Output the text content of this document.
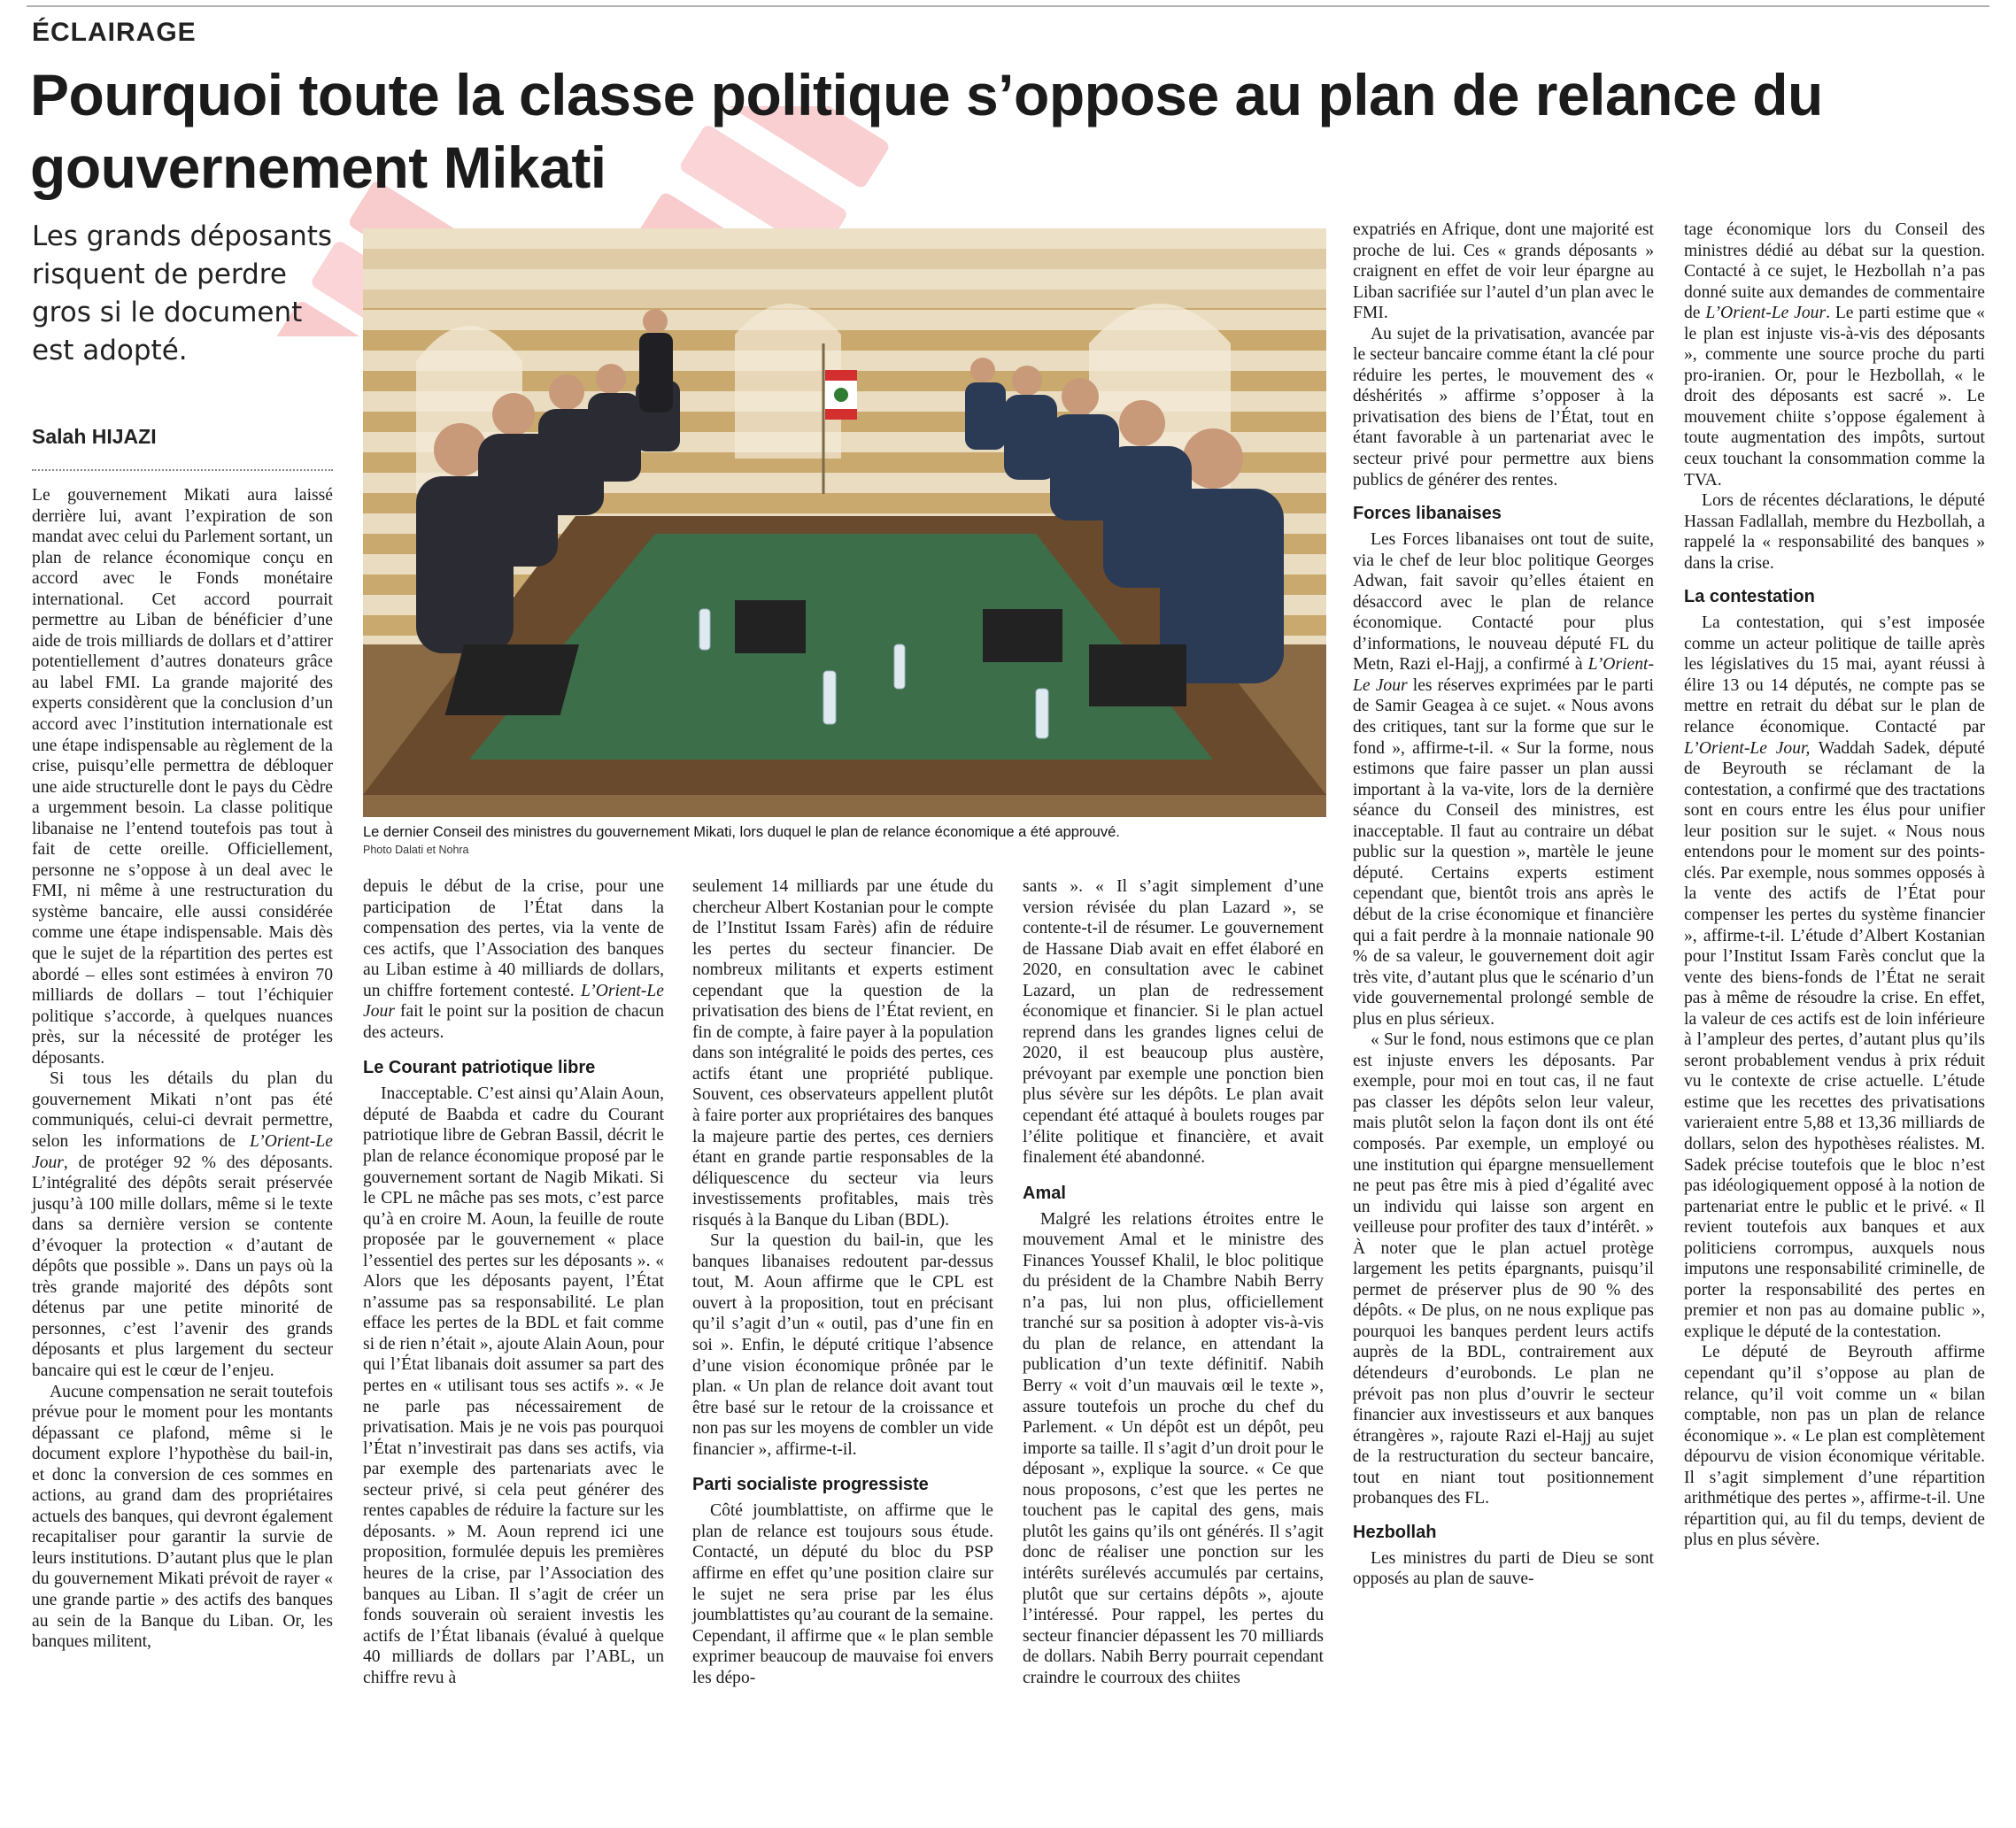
ÉCLAIRAGE
Pourquoi toute la classe politique s’oppose au plan de relance du gouvernement Mikati
Les grands déposants risquent de perdre gros si le document est adopté.
Salah HIJAZI
Le dernier Conseil des ministres du gouvernement Mikati, lors duquel le plan de relance économique a été approuvé.
Photo Dalati et Nohra

Le gouvernement Mikati aura laissé derrière lui, avant l’expiration de son mandat avec celui du Parlement sortant, un plan de relance économique conçu en accord avec le Fonds monétaire international. Cet accord pourrait permettre au Liban de bénéficier d’une aide de trois milliards de dollars et d’attirer potentiellement d’autres donateurs grâce au label FMI. La grande majorité des experts considèrent que la conclusion d’un accord avec l’institution internationale est une étape indispensable au règlement de la crise, puisqu’elle permettra de débloquer une aide structurelle dont le pays du Cèdre a urgemment besoin. La classe politique libanaise ne l’entend toutefois pas tout à fait de cette oreille. Officiellement, personne ne s’oppose à un deal avec le FMI, ni même à une restructuration du système bancaire, elle aussi considérée comme une étape indispensable. Mais dès que le sujet de la répartition des pertes est abordé – elles sont estimées à environ 70 milliards de dollars – tout l’échiquier politique s’accorde, à quelques nuances près, sur la nécessité de protéger les déposants.

Si tous les détails du plan du gouvernement Mikati n’ont pas été communiqués, celui-ci devrait permettre, selon les informations de L’Orient-Le Jour, de protéger 92 % des déposants. L’intégralité des dépôts serait préservée jusqu’à 100 mille dollars, même si le texte dans sa dernière version se contente d’évoquer la protection « d’autant de dépôts que possible ». Dans un pays où la très grande majorité des dépôts sont détenus par une petite minorité de personnes, c’est l’avenir des grands déposants et plus largement du secteur bancaire qui est le cœur de l’enjeu.

Aucune compensation ne serait toutefois prévue pour le moment pour les montants dépassant ce plafond, même si le document explore l’hypothèse du bail-in, et donc la conversion de ces sommes en actions, au grand dam des propriétaires actuels des banques, qui devront également recapitaliser pour garantir la survie de leurs institutions. D’autant plus que le plan du gouvernement Mikati prévoit de rayer « une grande partie » des actifs des banques au sein de la Banque du Liban. Or, les banques militent,

depuis le début de la crise, pour une participation de l’État dans la compensation des pertes, via la vente de ces actifs, que l’Association des banques au Liban estime à 40 milliards de dollars, un chiffre fortement contesté. L’Orient-Le Jour fait le point sur la position de chacun des acteurs.

Le Courant patriotique libre

Inacceptable. C’est ainsi qu’Alain Aoun, député de Baabda et cadre du Courant patriotique libre de Gebran Bassil, décrit le plan de relance économique proposé par le gouvernement sortant de Nagib Mikati. Si le CPL ne mâche pas ses mots, c’est parce qu’à en croire M. Aoun, la feuille de route proposée par le gouvernement « place l’essentiel des pertes sur les déposants ». « Alors que les déposants payent, l’État n’assume pas sa responsabilité. Le plan efface les pertes de la BDL et fait comme si de rien n’était », ajoute Alain Aoun, pour qui l’État libanais doit assumer sa part des pertes en « utilisant tous ses actifs ». « Je ne parle pas nécessairement de privatisation. Mais je ne vois pas pourquoi l’État n’investirait pas dans ses actifs, via par exemple des partenariats avec le secteur privé, si cela peut générer des rentes capables de réduire la facture sur les déposants. » M. Aoun reprend ici une proposition, formulée depuis les premières heures de la crise, par l’Association des banques au Liban. Il s’agit de créer un fonds souverain où seraient investis les actifs de l’État libanais (évalué à quelque 40 milliards de dollars par l’ABL, un chiffre revu à

seulement 14 milliards par une étude du chercheur Albert Kostanian pour le compte de l’Institut Issam Farès) afin de réduire les pertes du secteur financier. De nombreux militants et experts estiment cependant que la question de la privatisation des biens de l’État revient, en fin de compte, à faire payer à la population dans son intégralité le poids des pertes, ces actifs étant une propriété publique. Souvent, ces observateurs appellent plutôt à faire porter aux propriétaires des banques la majeure partie des pertes, ces derniers étant en grande partie responsables de la déliquescence du secteur via leurs investissements profitables, mais très risqués à la Banque du Liban (BDL).

Sur la question du bail-in, que les banques libanaises redoutent par-dessus tout, M. Aoun affirme que le CPL est ouvert à la proposition, tout en précisant qu’il s’agit d’un « outil, pas d’une fin en soi ». Enfin, le député critique l’absence d’une vision économique prônée par le plan. « Un plan de relance doit avant tout être basé sur le retour de la croissance et non pas sur les moyens de combler un vide financier », affirme-t-il.

Parti socialiste progressiste

Côté joumblattiste, on affirme que le plan de relance est toujours sous étude. Contacté, un député du bloc du PSP affirme en effet qu’une position claire sur le sujet ne sera prise par les élus joumblattistes qu’au courant de la semaine. Cependant, il affirme que « le plan semble exprimer beaucoup de mauvaise foi envers les dépo-

sants ». « Il s’agit simplement d’une version révisée du plan Lazard », se contente-t-il de résumer. Le gouvernement de Hassane Diab avait en effet élaboré en 2020, en consultation avec le cabinet Lazard, un plan de redressement économique et financier. Si le plan actuel reprend dans les grandes lignes celui de 2020, il est beaucoup plus austère, prévoyant par exemple une ponction bien plus sévère sur les dépôts. Le plan avait cependant été attaqué à boulets rouges par l’élite politique et financière, et avait finalement été abandonné.

Amal

Malgré les relations étroites entre le mouvement Amal et le ministre des Finances Youssef Khalil, le bloc politique du président de la Chambre Nabih Berry n’a pas, lui non plus, officiellement tranché sur sa position à adopter vis-à-vis du plan de relance, en attendant la publication d’un texte définitif. Nabih Berry « voit d’un mauvais œil le texte », assure toutefois un proche du chef du Parlement. « Un dépôt est un dépôt, peu importe sa taille. Il s’agit d’un droit pour le déposant », explique la source. « Ce que nous proposons, c’est que les pertes ne touchent pas le capital des gens, mais plutôt les gains qu’ils ont générés. Il s’agit donc de réaliser une ponction sur les intérêts surélevés accumulés par certains, plutôt que sur certains dépôts », ajoute l’intéressé. Pour rappel, les pertes du secteur financier dépassent les 70 milliards de dollars. Nabih Berry pourrait cependant craindre le courroux des chiites

expatriés en Afrique, dont une majorité est proche de lui. Ces « grands déposants » craignent en effet de voir leur épargne au Liban sacrifiée sur l’autel d’un plan avec le FMI.

Au sujet de la privatisation, avancée par le secteur bancaire comme étant la clé pour réduire les pertes, le mouvement des « déshérités » affirme s’opposer à la privatisation des biens de l’État, tout en étant favorable à un partenariat avec le secteur privé pour permettre aux biens publics de générer des rentes.

Forces libanaises

Les Forces libanaises ont tout de suite, via le chef de leur bloc politique Georges Adwan, fait savoir qu’elles étaient en désaccord avec le plan de relance économique. Contacté pour plus d’informations, le nouveau député FL du Metn, Razi el-Hajj, a confirmé à L’Orient-Le Jour les réserves exprimées par le parti de Samir Geagea à ce sujet. « Nous avons des critiques, tant sur la forme que sur le fond », affirme-t-il. « Sur la forme, nous estimons que faire passer un plan aussi important à la va-vite, lors de la dernière séance du Conseil des ministres, est inacceptable. Il faut au contraire un débat public sur la question », martèle le jeune député. Certains experts estiment cependant que, bientôt trois ans après le début de la crise économique et financière qui a fait perdre à la monnaie nationale 90 % de sa valeur, le gouvernement doit agir très vite, d’autant plus que le scénario d’un vide gouvernemental prolongé semble de plus en plus sérieux.

« Sur le fond, nous estimons que ce plan est injuste envers les déposants. Par exemple, pour moi en tout cas, il ne faut pas classer les dépôts selon leur valeur, mais plutôt selon la façon dont ils ont été composés. Par exemple, un employé ou une institution qui épargne mensuellement ne peut pas être mis à pied d’égalité avec un individu qui laisse son argent en veilleuse pour profiter des taux d’intérêt. » À noter que le plan actuel protège largement les petits épargnants, puisqu’il permet de préserver plus de 90 % des dépôts. « De plus, on ne nous explique pas pourquoi les banques perdent leurs actifs auprès de la BDL, contrairement aux détendeurs d’eurobonds. Le plan ne prévoit pas non plus d’ouvrir le secteur financier aux investisseurs et aux banques étrangères », rajoute Razi el-Hajj au sujet de la restructuration du secteur bancaire, tout en niant tout positionnement probanques des FL.

Hezbollah

Les ministres du parti de Dieu se sont opposés au plan de sauve-

tage économique lors du Conseil des ministres dédié au débat sur la question. Contacté à ce sujet, le Hezbollah n’a pas donné suite aux demandes de commentaire de L’Orient-Le Jour. Le parti estime que « le plan est injuste vis-à-vis des déposants », commente une source proche du parti pro-iranien. Or, pour le Hezbollah, « le droit des déposants est sacré ». Le mouvement chiite s’oppose également à toute augmentation des impôts, surtout ceux touchant la consommation comme la TVA.

Lors de récentes déclarations, le député Hassan Fadlallah, membre du Hezbollah, a rappelé la « responsabilité des banques » dans la crise.

La contestation

La contestation, qui s’est imposée comme un acteur politique de taille après les législatives du 15 mai, ayant réussi à élire 13 ou 14 députés, ne compte pas se mettre en retrait du débat sur le plan de relance économique. Contacté par L’Orient-Le Jour, Waddah Sadek, député de Beyrouth se réclamant de la contestation, a confirmé que des tractations sont en cours entre les élus pour unifier leur position sur le sujet. « Nous nous entendons pour le moment sur des points-clés. Par exemple, nous sommes opposés à la vente des actifs de l’État pour compenser les pertes du système financier », affirme-t-il. L’étude d’Albert Kostanian pour l’Institut Issam Farès conclut que la vente des biens-fonds de l’État ne serait pas à même de résoudre la crise. En effet, la valeur de ces actifs est de loin inférieure à l’ampleur des pertes, d’autant plus qu’ils seront probablement vendus à prix réduit vu le contexte de crise actuelle. L’étude estime que les recettes des privatisations varieraient entre 5,88 et 13,36 milliards de dollars, selon des hypothèses réalistes. M. Sadek précise toutefois que le bloc n’est pas idéologiquement opposé à la notion de partenariat entre le public et le privé. « Il revient toutefois aux banques et aux politiciens corrompus, auxquels nous imputons une responsabilité criminelle, de porter la responsabilité des pertes en premier et non pas au domaine public », explique le député de la contestation.

Le député de Beyrouth affirme cependant qu’il s’oppose au plan de relance, qu’il voit comme un « bilan comptable, non pas un plan de relance économique ». « Le plan est complètement dépourvu de vision économique véritable. Il s’agit simplement d’une répartition arithmétique des pertes », affirme-t-il. Une répartition qui, au fil du temps, devient de plus en plus sévère.
